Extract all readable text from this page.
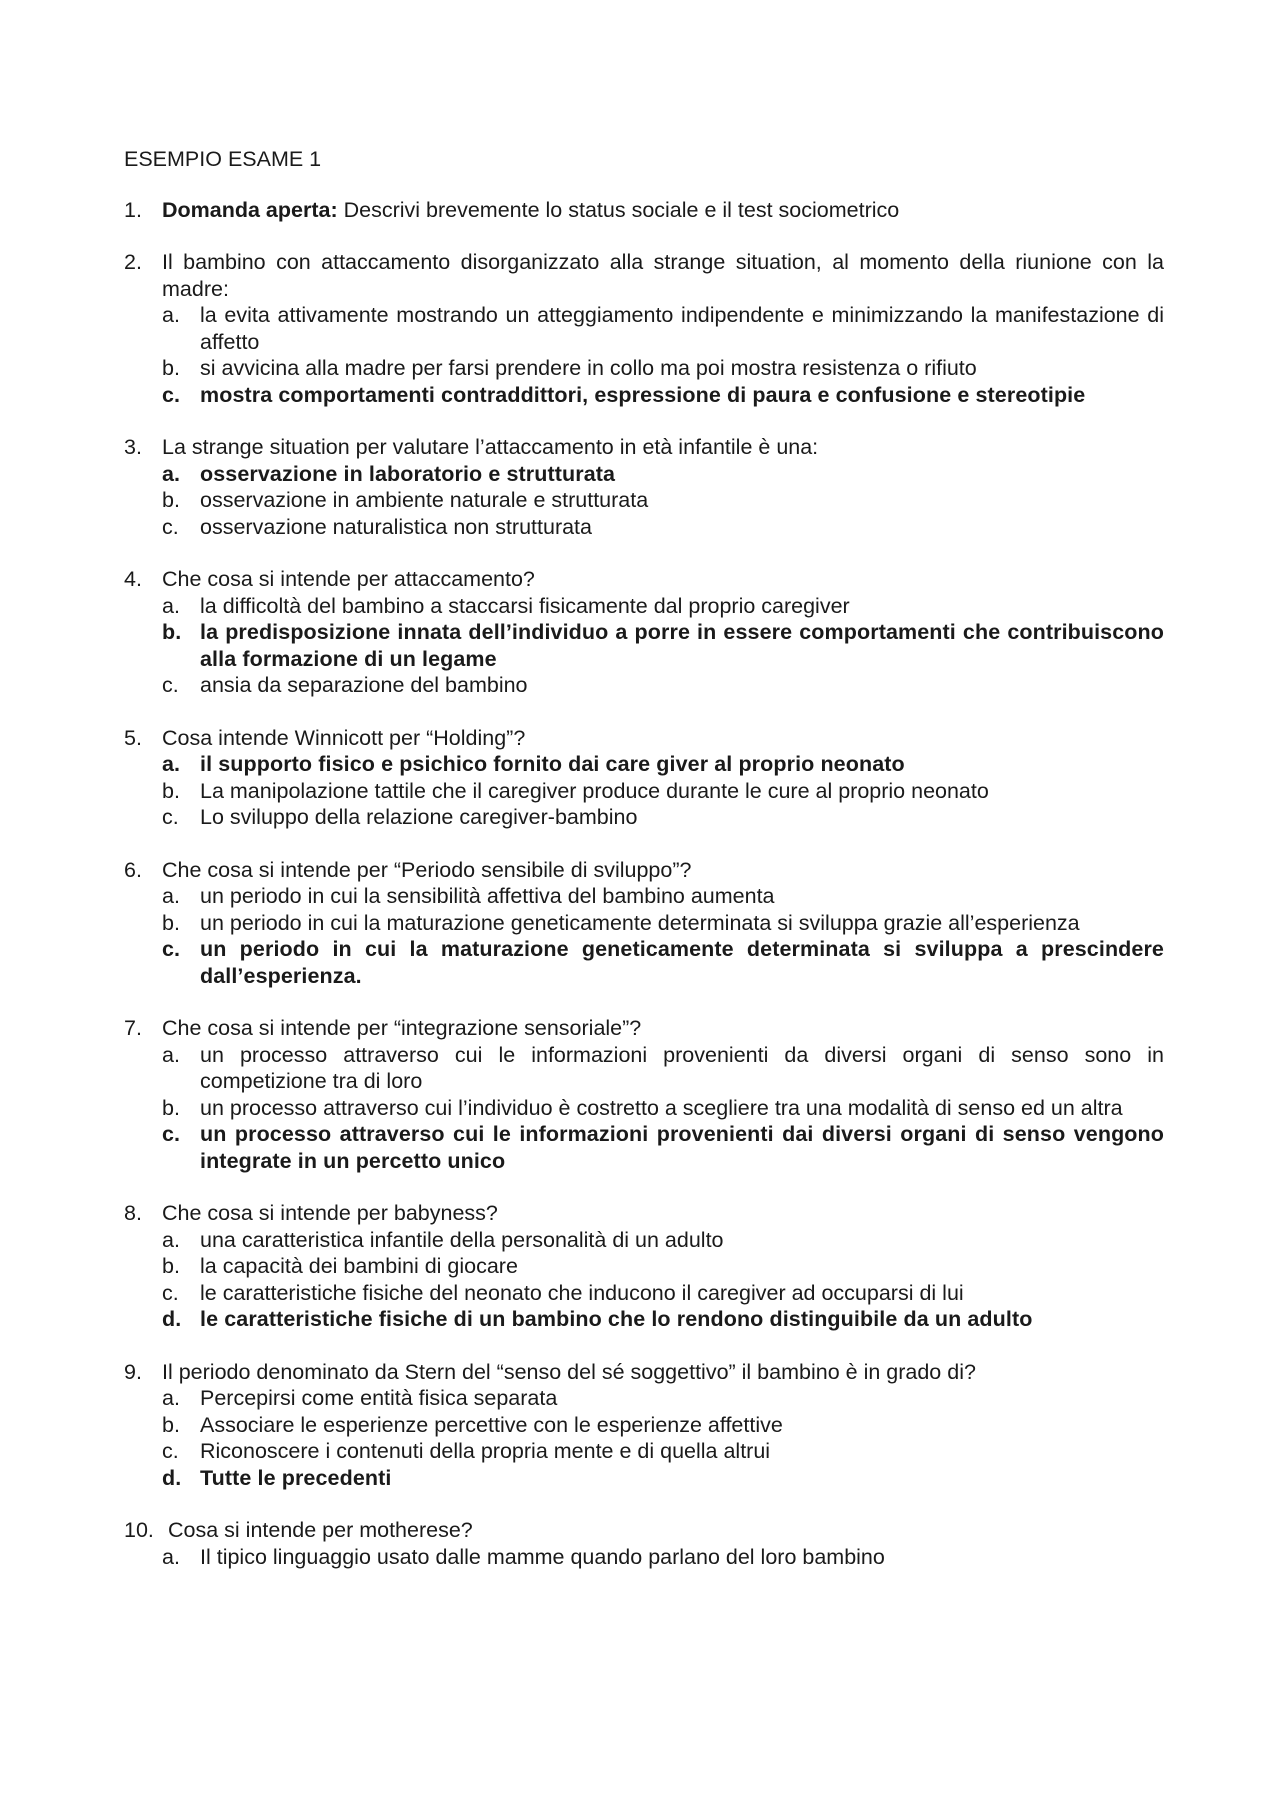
ESEMPIO ESAME 1
1. Domanda aperta: Descrivi brevemente lo status sociale e il test sociometrico
2. Il bambino con attaccamento disorganizzato alla strange situation, al momento della riunione con la madre:
a. la evita attivamente mostrando un atteggiamento indipendente e minimizzando la manifestazione di affetto
b. si avvicina alla madre per farsi prendere in collo ma poi mostra resistenza o rifiuto
c. mostra comportamenti contraddittori, espressione di paura e confusione e stereotipie
3. La strange situation per valutare l’attaccamento in età infantile è una:
a. osservazione in laboratorio e strutturata
b. osservazione in ambiente naturale e strutturata
c. osservazione naturalistica non strutturata
4. Che cosa si intende per attaccamento?
a. la difficoltà del bambino a staccarsi fisicamente dal proprio caregiver
b. la predisposizione innata dell’individuo a porre in essere comportamenti che contribuiscono alla formazione di un legame
c. ansia da separazione del bambino
5. Cosa intende Winnicott per “Holding”?
a. il supporto fisico e psichico fornito dai care giver al proprio neonato
b. La manipolazione tattile che il caregiver produce durante le cure al proprio neonato
c. Lo sviluppo della relazione caregiver-bambino
6. Che cosa si intende per “Periodo sensibile di sviluppo”?
a. un periodo in cui la sensibilità affettiva del bambino aumenta
b. un periodo in cui la maturazione geneticamente determinata si sviluppa grazie all’esperienza
c. un periodo in cui la maturazione geneticamente determinata si sviluppa a prescindere dall’esperienza.
7. Che cosa si intende per “integrazione sensoriale”?
a. un processo attraverso cui le informazioni provenienti da diversi organi di senso sono in competizione tra di loro
b. un processo attraverso cui l’individuo è costretto a scegliere tra una modalità di senso ed un altra
c. un processo attraverso cui le informazioni provenienti dai diversi organi di senso vengono integrate in un percetto unico
8. Che cosa si intende per babyness?
a. una caratteristica infantile della personalità di un adulto
b. la capacità dei bambini di giocare
c. le caratteristiche fisiche del neonato che inducono il caregiver ad occuparsi di lui
d. le caratteristiche fisiche di un bambino che lo rendono distinguibile da un adulto
9. Il periodo denominato da Stern del “senso del sé soggettivo” il bambino è in grado di?
a. Percepirsi come entità fisica separata
b. Associare le esperienze percettive con le esperienze affettive
c. Riconoscere i contenuti della propria mente e di quella altrui
d. Tutte le precedenti
10. Cosa si intende per motherese?
a. Il tipico linguaggio usato dalle mamme quando parlano del loro bambino
